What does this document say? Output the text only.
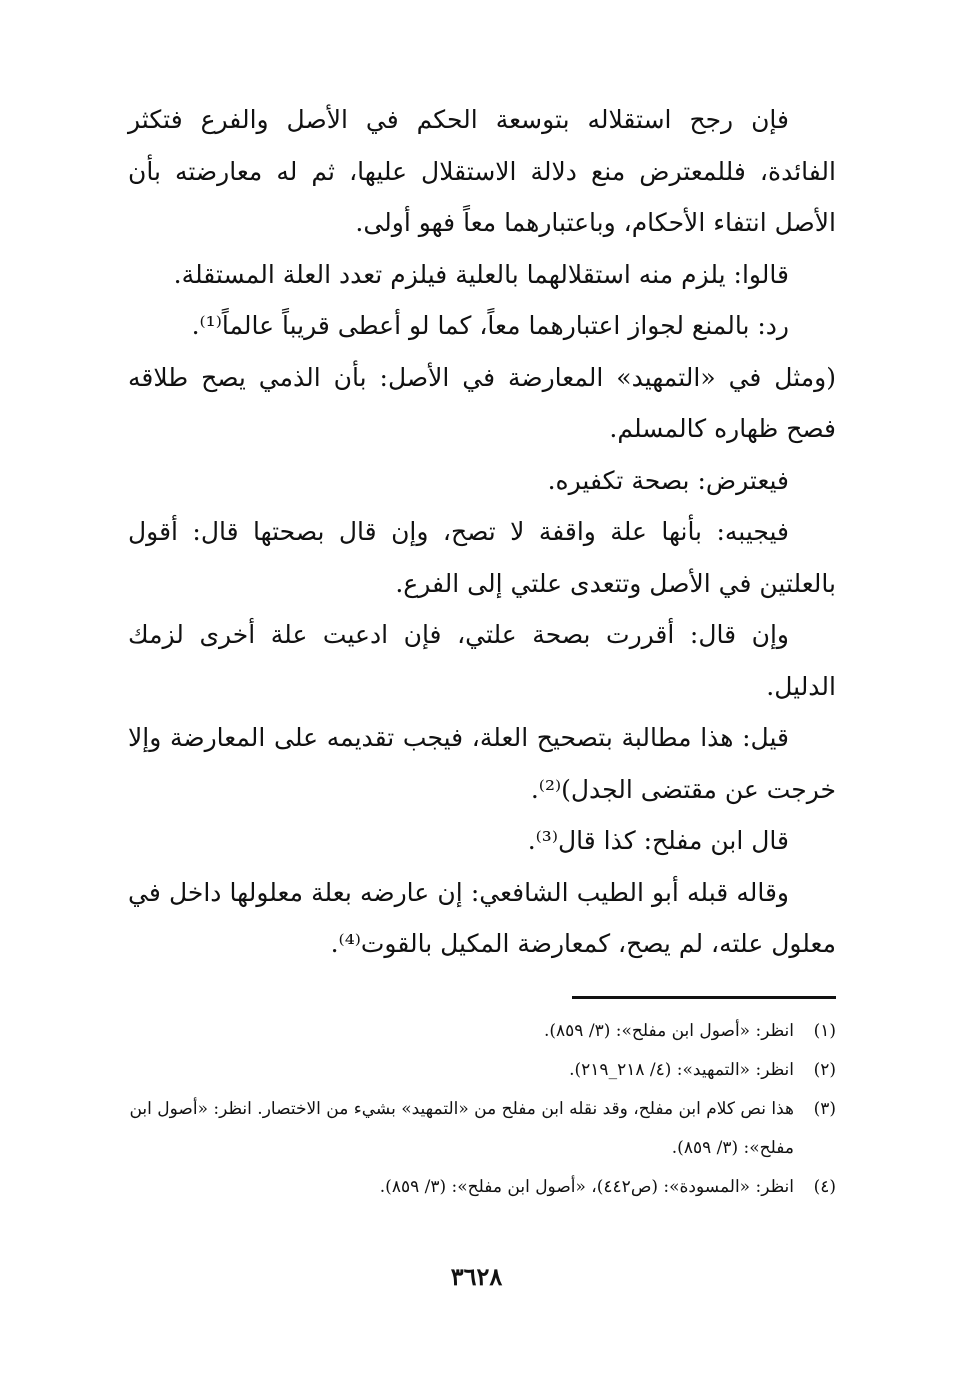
فإن رجح استقلاله بتوسعة الحكم في الأصل والفرع فتكثر الفائدة، فللمعترض منع دلالة الاستقلال عليها، ثم له معارضته بأن الأصل انتفاء الأحكام، وباعتبارهما معاً فهو أولى.

قالوا: يلزم منه استقلالهما بالعلية فيلزم تعدد العلة المستقلة.

رد: بالمنع لجواز اعتبارهما معاً، كما لو أعطى قريباً عالماً⁽¹⁾.

(ومثل في «التمهيد» المعارضة في الأصل: بأن الذمي يصح طلاقه فصح ظهاره كالمسلم.

فيعترض: بصحة تكفيره.

فيجيبه: بأنها علة واقفة لا تصح، وإن قال بصحتها قال: أقول بالعلتين في الأصل وتتعدى علتي إلى الفرع.

وإن قال: أقررت بصحة علتي، فإن ادعيت علة أخرى لزمك الدليل.

قيل: هذا مطالبة بتصحيح العلة، فيجب تقديمه على المعارضة وإلا خرجت عن مقتضى الجدل)⁽²⁾.

قال ابن مفلح: كذا قال⁽³⁾.

وقاله قبله أبو الطيب الشافعي: إن عارضه بعلة معلولها داخل في معلول علته، لم يصح، كمعارضة المكيل بالقوت⁽⁴⁾.

(١)
انظر: «أصول ابن مفلح»: (٣/ ٨٥٩).
(٢)
انظر: «التمهيد»: (٤/ ٢١٨_٢١٩).
(٣)
هذا نص كلام ابن مفلح، وقد نقله ابن مفلح من «التمهيد» بشيء من الاختصار. انظر: «أصول ابن مفلح»: (٣/ ٨٥٩).
(٤)
انظر: «المسودة»: (ص٤٤٢)، «أصول ابن مفلح»: (٣/ ٨٥٩).
٣٦٢٨
